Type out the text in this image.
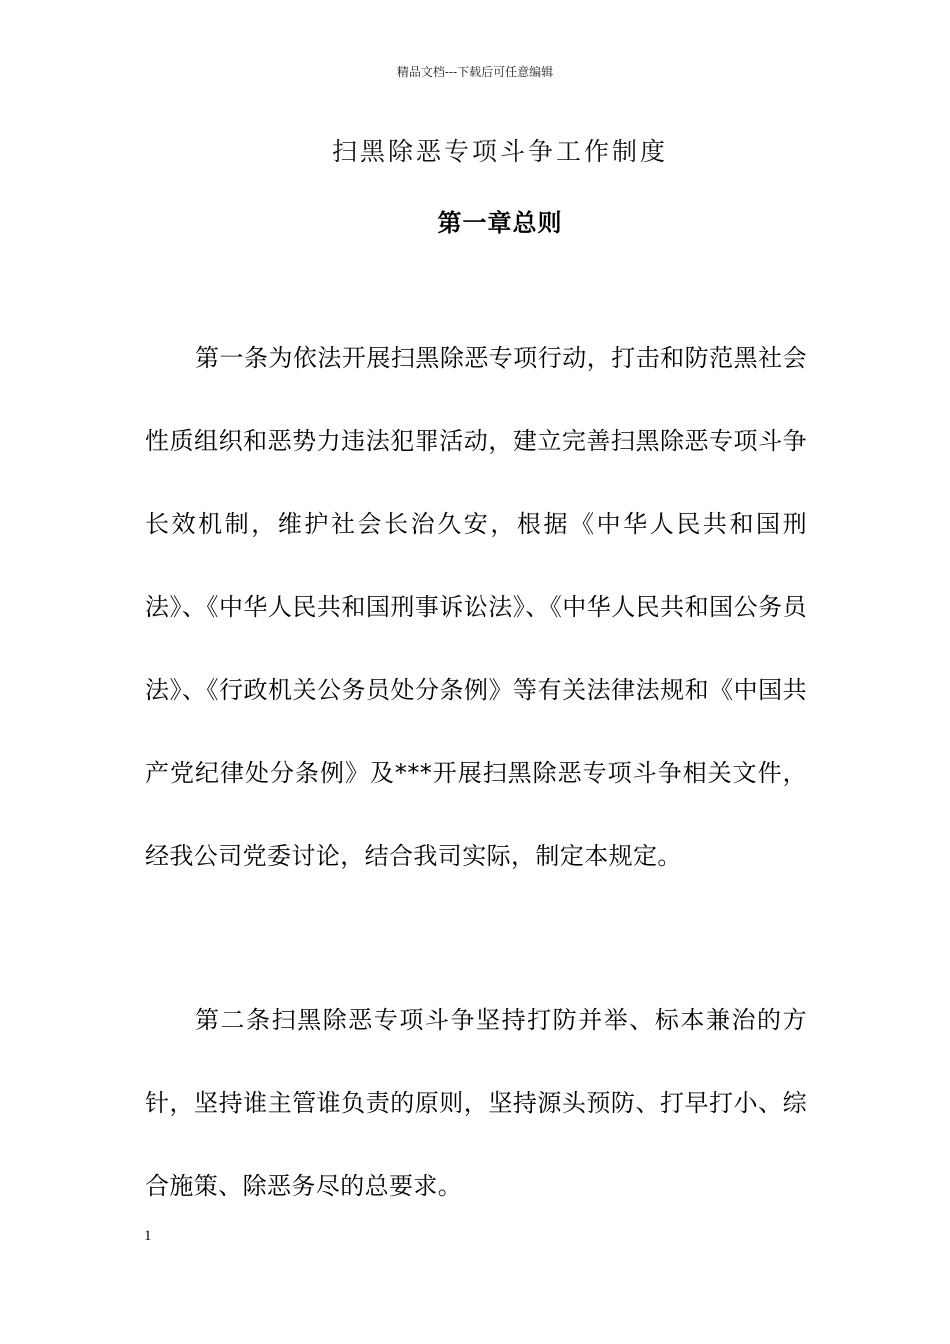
精品文档---下载后可任意编辑
扫黑除恶专项斗争工作制度
第一章总则

第一条为依法开展扫黑除恶专项行动，打击和防范黑社会性质组织和恶势力违法犯罪活动，建立完善扫黑除恶专项斗争长效机制，维护社会长治久安，根据《中华人民共和国刑法》、《中华人民共和国刑事诉讼法》、《中华人民共和国公务员法》、《行政机关公务员处分条例》等有关法律法规和《中国共产党纪律处分条例》及***开展扫黑除恶专项斗争相关文件，经我公司党委讨论，结合我司实际，制定本规定。

第二条扫黑除恶专项斗争坚持打防并举、标本兼治的方针，坚持谁主管谁负责的原则，坚持源头预防、打早打小、综合施策、除恶务尽的总要求。

1
